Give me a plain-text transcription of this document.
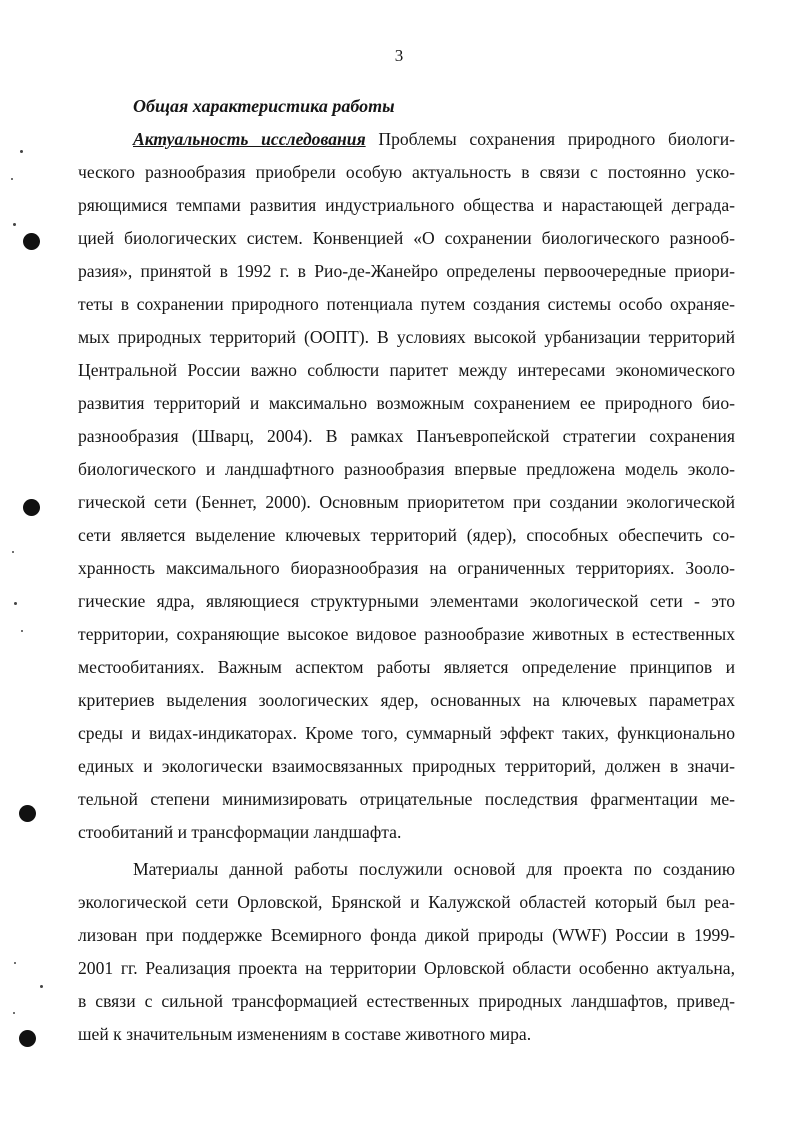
3
Общая характеристика работы
Актуальность исследования Проблемы сохранения природного биологи-
ческого разнообразия приобрели особую актуальность в связи с постоянно уско-
ряющимися темпами развития индустриального общества и нарастающей деграда-
цией биологических систем. Конвенцией «О сохранении биологического разнооб-
разия», принятой в 1992 г. в Рио-де-Жанейро определены первоочередные приори-
теты в сохранении природного потенциала путем создания системы особо охраняе-
мых природных территорий (ООПТ). В условиях высокой урбанизации территорий
Центральной России важно соблюсти паритет между интересами экономического
развития территорий и максимально возможным сохранением ее природного био-
разнообразия (Шварц, 2004). В рамках Панъевропейской стратегии сохранения
биологического и ландшафтного разнообразия впервые предложена модель эколо-
гической сети (Беннет, 2000). Основным приоритетом при создании экологической
сети является выделение ключевых территорий (ядер), способных обеспечить со-
хранность максимального биоразнообразия на ограниченных территориях. Зооло-
гические ядра, являющиеся структурными элементами экологической сети - это
территории, сохраняющие высокое видовое разнообразие животных в естественных
местообитаниях. Важным аспектом работы является определение принципов и
критериев выделения зоологических ядер, основанных на ключевых параметрах
среды и видах-индикаторах. Кроме того, суммарный эффект таких, функционально
единых и экологически взаимосвязанных природных территорий, должен в значи-
тельной степени минимизировать отрицательные последствия фрагментации ме-
стообитаний и трансформации ландшафта.
Материалы данной работы послужили основой для проекта по созданию
экологической сети Орловской, Брянской и Калужской областей который был реа-
лизован при поддержке Всемирного фонда дикой природы (WWF) России в 1999-
2001 гг. Реализация проекта на территории Орловской области особенно актуальна,
в связи с сильной трансформацией естественных природных ландшафтов, привед-
шей к значительным изменениям в составе животного мира.
